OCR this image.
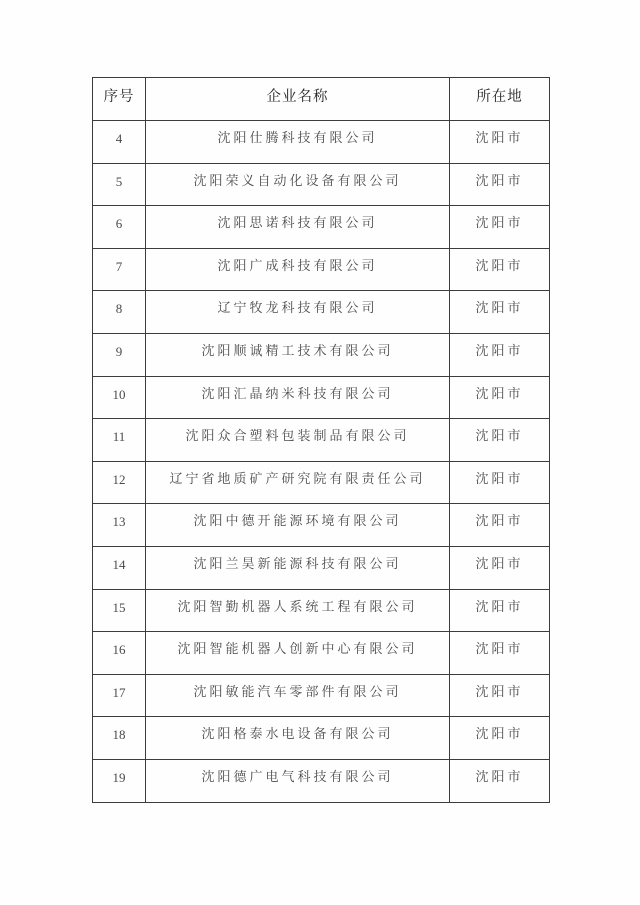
序号	企业名称	所在地
4	沈阳仕腾科技有限公司	沈阳市
5	沈阳荣义自动化设备有限公司	沈阳市
6	沈阳思诺科技有限公司	沈阳市
7	沈阳广成科技有限公司	沈阳市
8	辽宁牧龙科技有限公司	沈阳市
9	沈阳顺诚精工技术有限公司	沈阳市
10	沈阳汇晶纳米科技有限公司	沈阳市
11	沈阳众合塑料包装制品有限公司	沈阳市
12	辽宁省地质矿产研究院有限责任公司	沈阳市
13	沈阳中德开能源环境有限公司	沈阳市
14	沈阳兰昊新能源科技有限公司	沈阳市
15	沈阳智勤机器人系统工程有限公司	沈阳市
16	沈阳智能机器人创新中心有限公司	沈阳市
17	沈阳敏能汽车零部件有限公司	沈阳市
18	沈阳格泰水电设备有限公司	沈阳市
19	沈阳德广电气科技有限公司	沈阳市
